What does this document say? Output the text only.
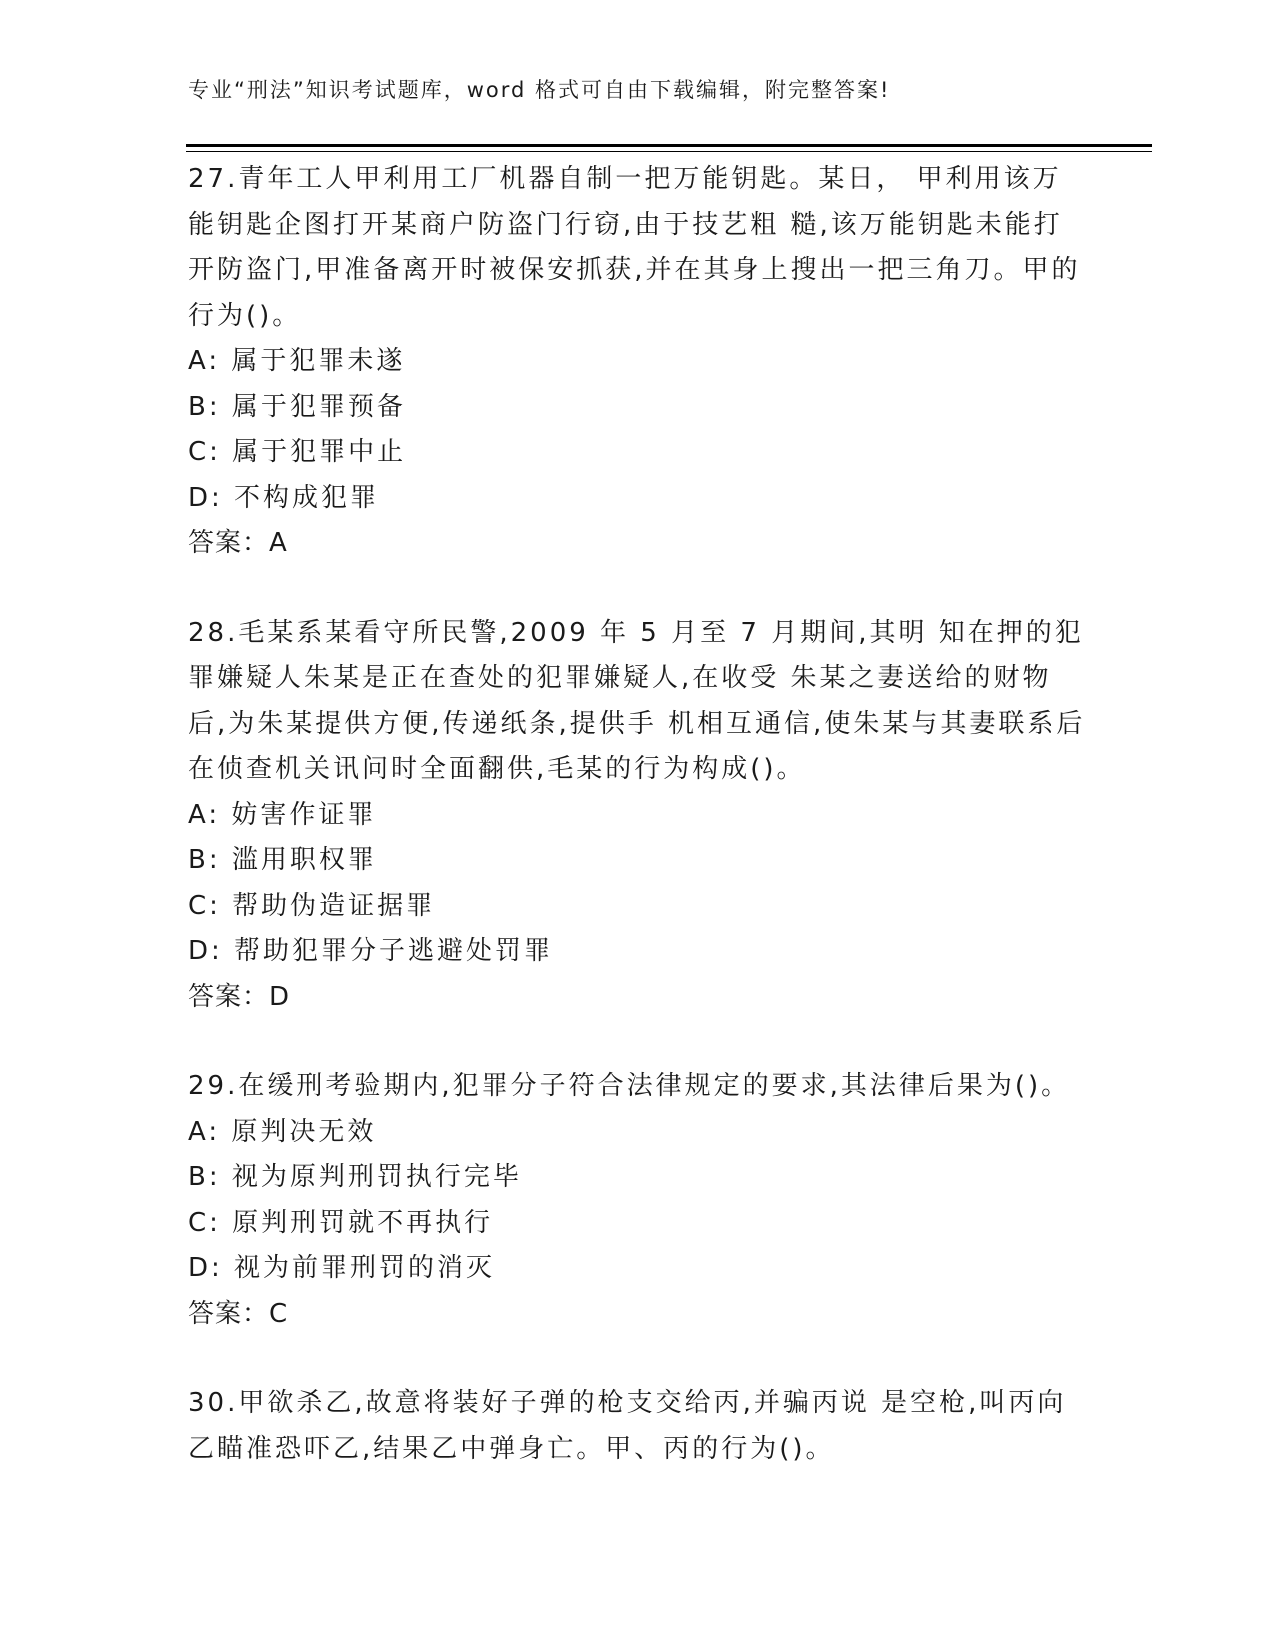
专业“刑法”知识考试题库，word 格式可自由下载编辑，附完整答案!

27.青年工人甲利用工厂机器自制一把万能钥匙。某日， 甲利用该万能钥匙企图打开某商户防盗门行窃,由于技艺粗 糙,该万能钥匙未能打开防盗门,甲准备离开时被保安抓获,并在其身上搜出一把三角刀。甲的行为()。

A: 属于犯罪未遂

B: 属于犯罪预备

C: 属于犯罪中止

D: 不构成犯罪

答案：A

28.毛某系某看守所民警,2009 年 5 月至 7 月期间,其明 知在押的犯罪嫌疑人朱某是正在查处的犯罪嫌疑人,在收受 朱某之妻送给的财物后,为朱某提供方便,传递纸条,提供手 机相互通信,使朱某与其妻联系后在侦查机关讯问时全面翻供,毛某的行为构成()。

A: 妨害作证罪

B: 滥用职权罪

C: 帮助伪造证据罪

D: 帮助犯罪分子逃避处罚罪

答案：D

29.在缓刑考验期内,犯罪分子符合法律规定的要求,其法律后果为()。

A: 原判决无效

B: 视为原判刑罚执行完毕

C: 原判刑罚就不再执行

D: 视为前罪刑罚的消灭

答案：C

30.甲欲杀乙,故意将装好子弹的枪支交给丙,并骗丙说 是空枪,叫丙向乙瞄准恐吓乙,结果乙中弹身亡。甲、丙的行为()。
